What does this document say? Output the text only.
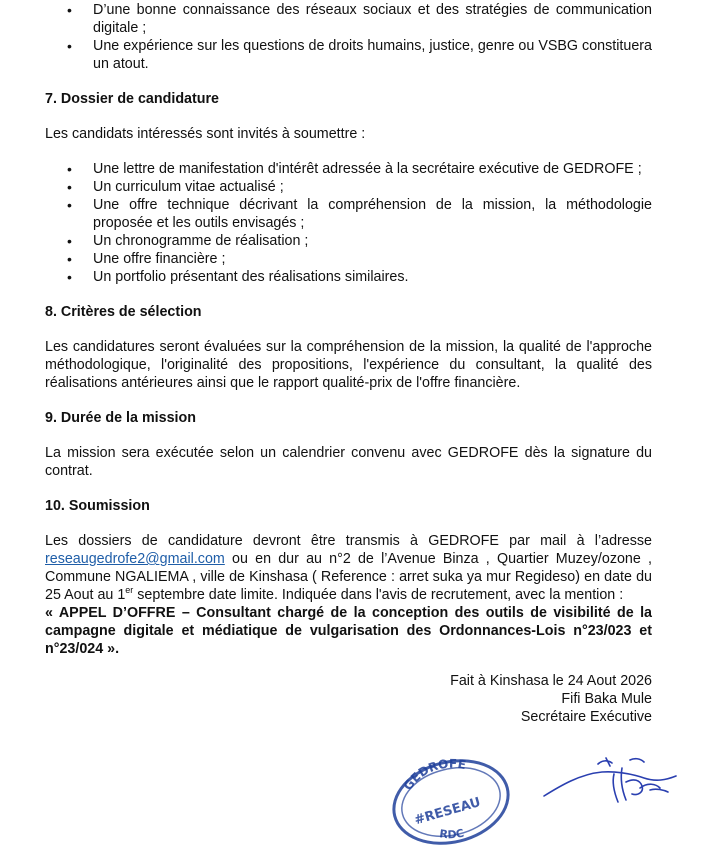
• D’une bonne connaissance des réseaux sociaux et des stratégies de communication digitale ;
• Une expérience sur les questions de droits humains, justice, genre ou VSBG constituera un atout.

7. Dossier de candidature

Les candidats intéressés sont invités à soumettre :

• Une lettre de manifestation d'intérêt adressée à la secrétaire exécutive de GEDROFE ;
• Un curriculum vitae actualisé ;
• Une offre technique décrivant la compréhension de la mission, la méthodologie proposée et les outils envisagés ;
• Un chronogramme de réalisation ;
• Une offre financière ;
• Un portfolio présentant des réalisations similaires.

8. Critères de sélection

Les candidatures seront évaluées sur la compréhension de la mission, la qualité de l'approche méthodologique, l'originalité des propositions, l'expérience du consultant, la qualité des réalisations antérieures ainsi que le rapport qualité-prix de l'offre financière.

9. Durée de la mission

La mission sera exécutée selon un calendrier convenu avec GEDROFE dès la signature du contrat.

10. Soumission

Les dossiers de candidature devront être transmis à GEDROFE par mail à l’adresse reseaugedrofe2@gmail.com ou en dur au n°2 de l’Avenue Binza , Quartier Muzey/ozone , Commune NGALIEMA , ville de Kinshasa ( Reference : arret suka ya mur Regideso) en date du 25 Aout au 1er septembre date limite. Indiquée dans l'avis de recrutement, avec la mention :

« APPEL D’OFFRE – Consultant chargé de la conception des outils de visibilité de la campagne digitale et médiatique de vulgarisation des Ordonnances-Lois n°23/023 et n°23/024 ».

Fait à Kinshasa le 24 Aout 2026
Fifi Baka Mule
Secrétaire Exécutive
GEDROFE
#RESEAU
RDC
